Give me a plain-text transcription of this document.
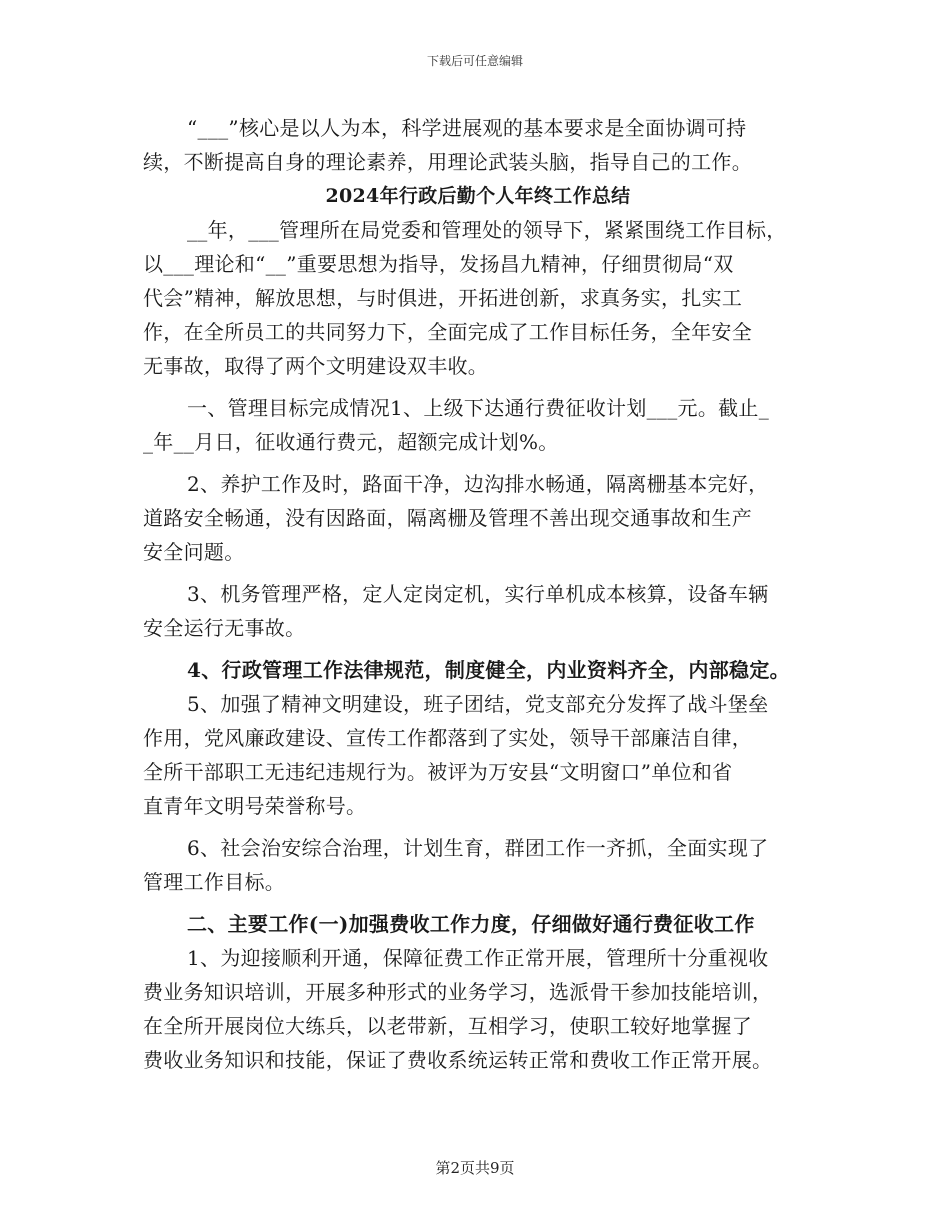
下载后可任意编辑
“___”核心是以人为本，科学进展观的基本要求是全面协调可持
续，不断提高自身的理论素养，用理论武装头脑，指导自己的工作。
2024年行政后勤个人年终工作总结
__年，___管理所在局党委和管理处的领导下，紧紧围绕工作目标，
以___理论和“__”重要思想为指导，发扬昌九精神，仔细贯彻局“双
代会”精神，解放思想，与时俱进，开拓进创新，求真务实，扎实工
作，在全所员工的共同努力下，全面完成了工作目标任务，全年安全
无事故，取得了两个文明建设双丰收。
一、管理目标完成情况1、上级下达通行费征收计划___元。截止_
_年__月日，征收通行费元，超额完成计划%。
2、养护工作及时，路面干净，边沟排水畅通，隔离栅基本完好，
道路安全畅通，没有因路面，隔离栅及管理不善出现交通事故和生产
安全问题。
3、机务管理严格，定人定岗定机，实行单机成本核算，设备车辆
安全运行无事故。
4、行政管理工作法律规范，制度健全，内业资料齐全，内部稳定。
5、加强了精神文明建设，班子团结，党支部充分发挥了战斗堡垒
作用，党风廉政建设、宣传工作都落到了实处，领导干部廉洁自律，
全所干部职工无违纪违规行为。被评为万安县“文明窗口”单位和省
直青年文明号荣誉称号。
6、社会治安综合治理，计划生育，群团工作一齐抓，全面实现了
管理工作目标。
二、主要工作(一)加强费收工作力度，仔细做好通行费征收工作
1、为迎接顺利开通，保障征费工作正常开展，管理所十分重视收
费业务知识培训，开展多种形式的业务学习，选派骨干参加技能培训，
在全所开展岗位大练兵，以老带新，互相学习，使职工较好地掌握了
费收业务知识和技能，保证了费收系统运转正常和费收工作正常开展。
第2页共9页
